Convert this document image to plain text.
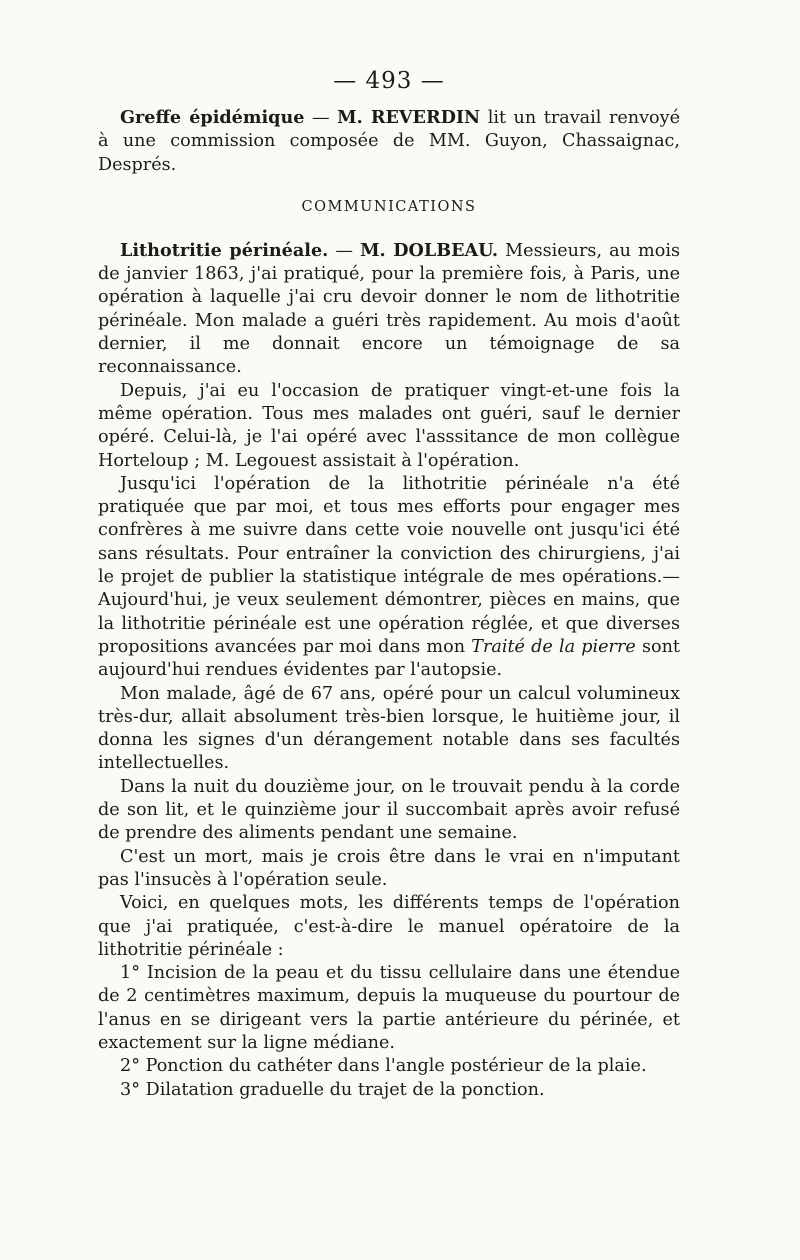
— 493 —

Greffe épidémique — M. REVERDIN lit un travail renvoyé à une commission composée de MM. Guyon, Chassaignac, Després.

COMMUNICATIONS

Lithotritie périnéale. — M. DOLBEAU. Messieurs, au mois de janvier 1863, j'ai pratiqué, pour la première fois, à Paris, une opération à laquelle j'ai cru devoir donner le nom de lithotritie périnéale. Mon malade a guéri très rapidement. Au mois d'août dernier, il me donnait encore un témoignage de sa reconnaissance.

Depuis, j'ai eu l'occasion de pratiquer vingt-et-une fois la même opération. Tous mes malades ont guéri, sauf le dernier opéré. Celui-là, je l'ai opéré avec l'asssitance de mon collègue Horteloup ; M. Legouest assistait à l'opération.

Jusqu'ici l'opération de la lithotritie périnéale n'a été pratiquée que par moi, et tous mes efforts pour engager mes confrères à me suivre dans cette voie nouvelle ont jusqu'ici été sans résultats. Pour entraîner la conviction des chirurgiens, j'ai le projet de publier la statistique intégrale de mes opérations.—Aujourd'hui, je veux seulement démontrer, pièces en mains, que la lithotritie périnéale est une opération réglée, et que diverses propositions avancées par moi dans mon Traité de la pierre sont aujourd'hui rendues évidentes par l'autopsie.

Mon malade, âgé de 67 ans, opéré pour un calcul volumineux très-dur, allait absolument très-bien lorsque, le huitième jour, il donna les signes d'un dérangement notable dans ses facultés intellectuelles.

Dans la nuit du douzième jour, on le trouvait pendu à la corde de son lit, et le quinzième jour il succombait après avoir refusé de prendre des aliments pendant une semaine.

C'est un mort, mais je crois être dans le vrai en n'imputant pas l'insucès à l'opération seule.

Voici, en quelques mots, les différents temps de l'opération que j'ai pratiquée, c'est-à-dire le manuel opératoire de la lithotritie périnéale :

1° Incision de la peau et du tissu cellulaire dans une étendue de 2 centimètres maximum, depuis la muqueuse du pourtour de l'anus en se dirigeant vers la partie antérieure du périnée, et exactement sur la ligne médiane.

2° Ponction du cathéter dans l'angle postérieur de la plaie.

3° Dilatation graduelle du trajet de la ponction.
